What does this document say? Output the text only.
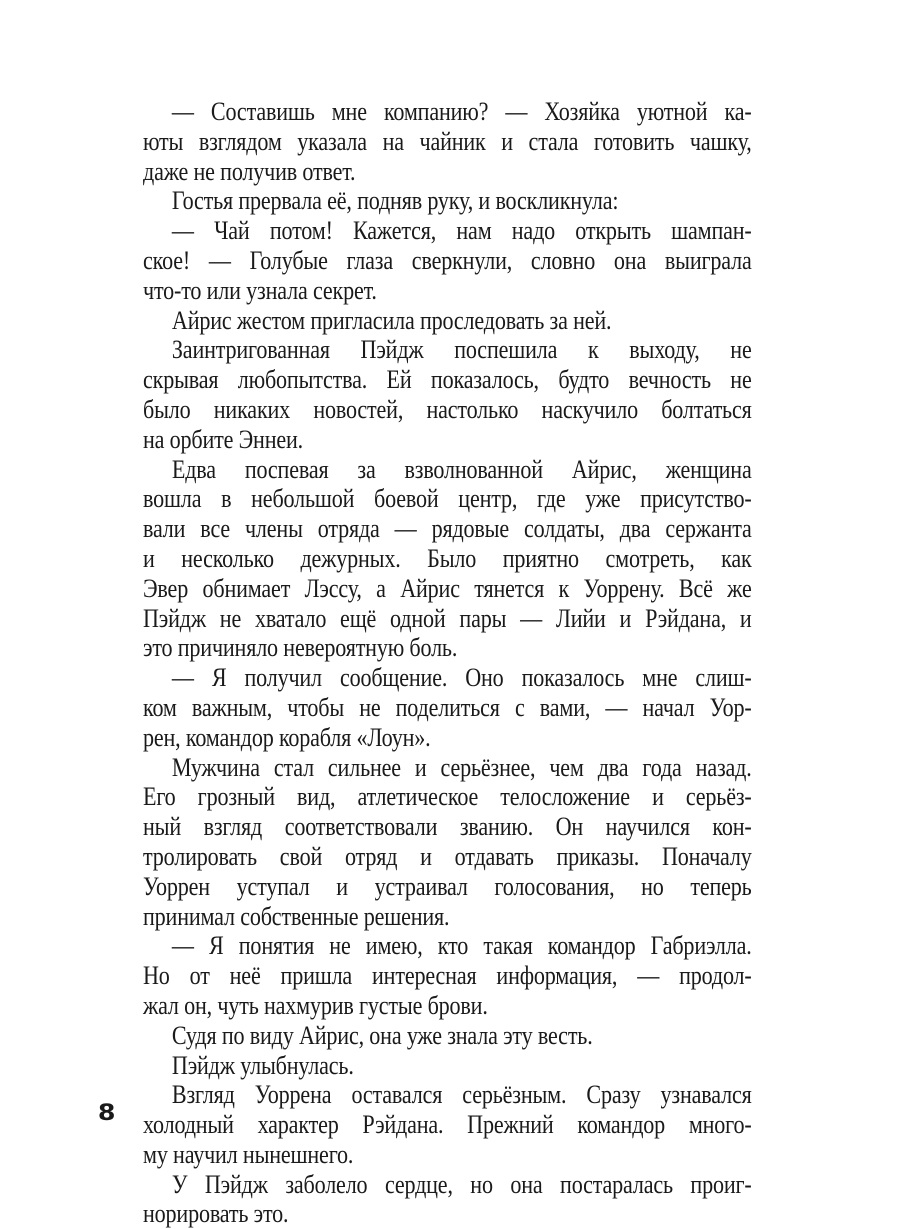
— Составишь мне компанию? — Хозяйка уютной ка-
юты взглядом указала на чайник и стала готовить чашку,
даже не получив ответ.
Гостья прервала её, подняв руку, и воскликнула:
— Чай потом! Кажется, нам надо открыть шампан-
ское! — Голубые глаза сверкнули, словно она выиграла
что-то или узнала секрет.
Айрис жестом пригласила проследовать за ней.
Заинтригованная Пэйдж поспешила к выходу, не
скрывая любопытства. Ей показалось, будто вечность не
было никаких новостей, настолько наскучило болтаться
на орбите Эннеи.
Едва поспевая за взволнованной Айрис, женщина
вошла в небольшой боевой центр, где уже присутство-
вали все члены отряда — рядовые солдаты, два сержанта
и несколько дежурных. Было приятно смотреть, как
Эвер обнимает Лэссу, а Айрис тянется к Уоррену. Всё же
Пэйдж не хватало ещё одной пары — Лийи и Рэйдана, и
это причиняло невероятную боль.
— Я получил сообщение. Оно показалось мне слиш-
ком важным, чтобы не поделиться с вами, — начал Уор-
рен, командор корабля «Лоун».
Мужчина стал сильнее и серьёзнее, чем два года назад.
Его грозный вид, атлетическое телосложение и серьёз-
ный взгляд соответствовали званию. Он научился кон-
тролировать свой отряд и отдавать приказы. Поначалу
Уоррен уступал и устраивал голосования, но теперь
принимал собственные решения.
— Я понятия не имею, кто такая командор Габриэлла.
Но от неё пришла интересная информация, — продол-
жал он, чуть нахмурив густые брови.
Судя по виду Айрис, она уже знала эту весть.
Пэйдж улыбнулась.
Взгляд Уоррена оставался серьёзным. Сразу узнавался
холодный характер Рэйдана. Прежний командор много-
му научил нынешнего.
У Пэйдж заболело сердце, но она постаралась проиг-
норировать это.
8
